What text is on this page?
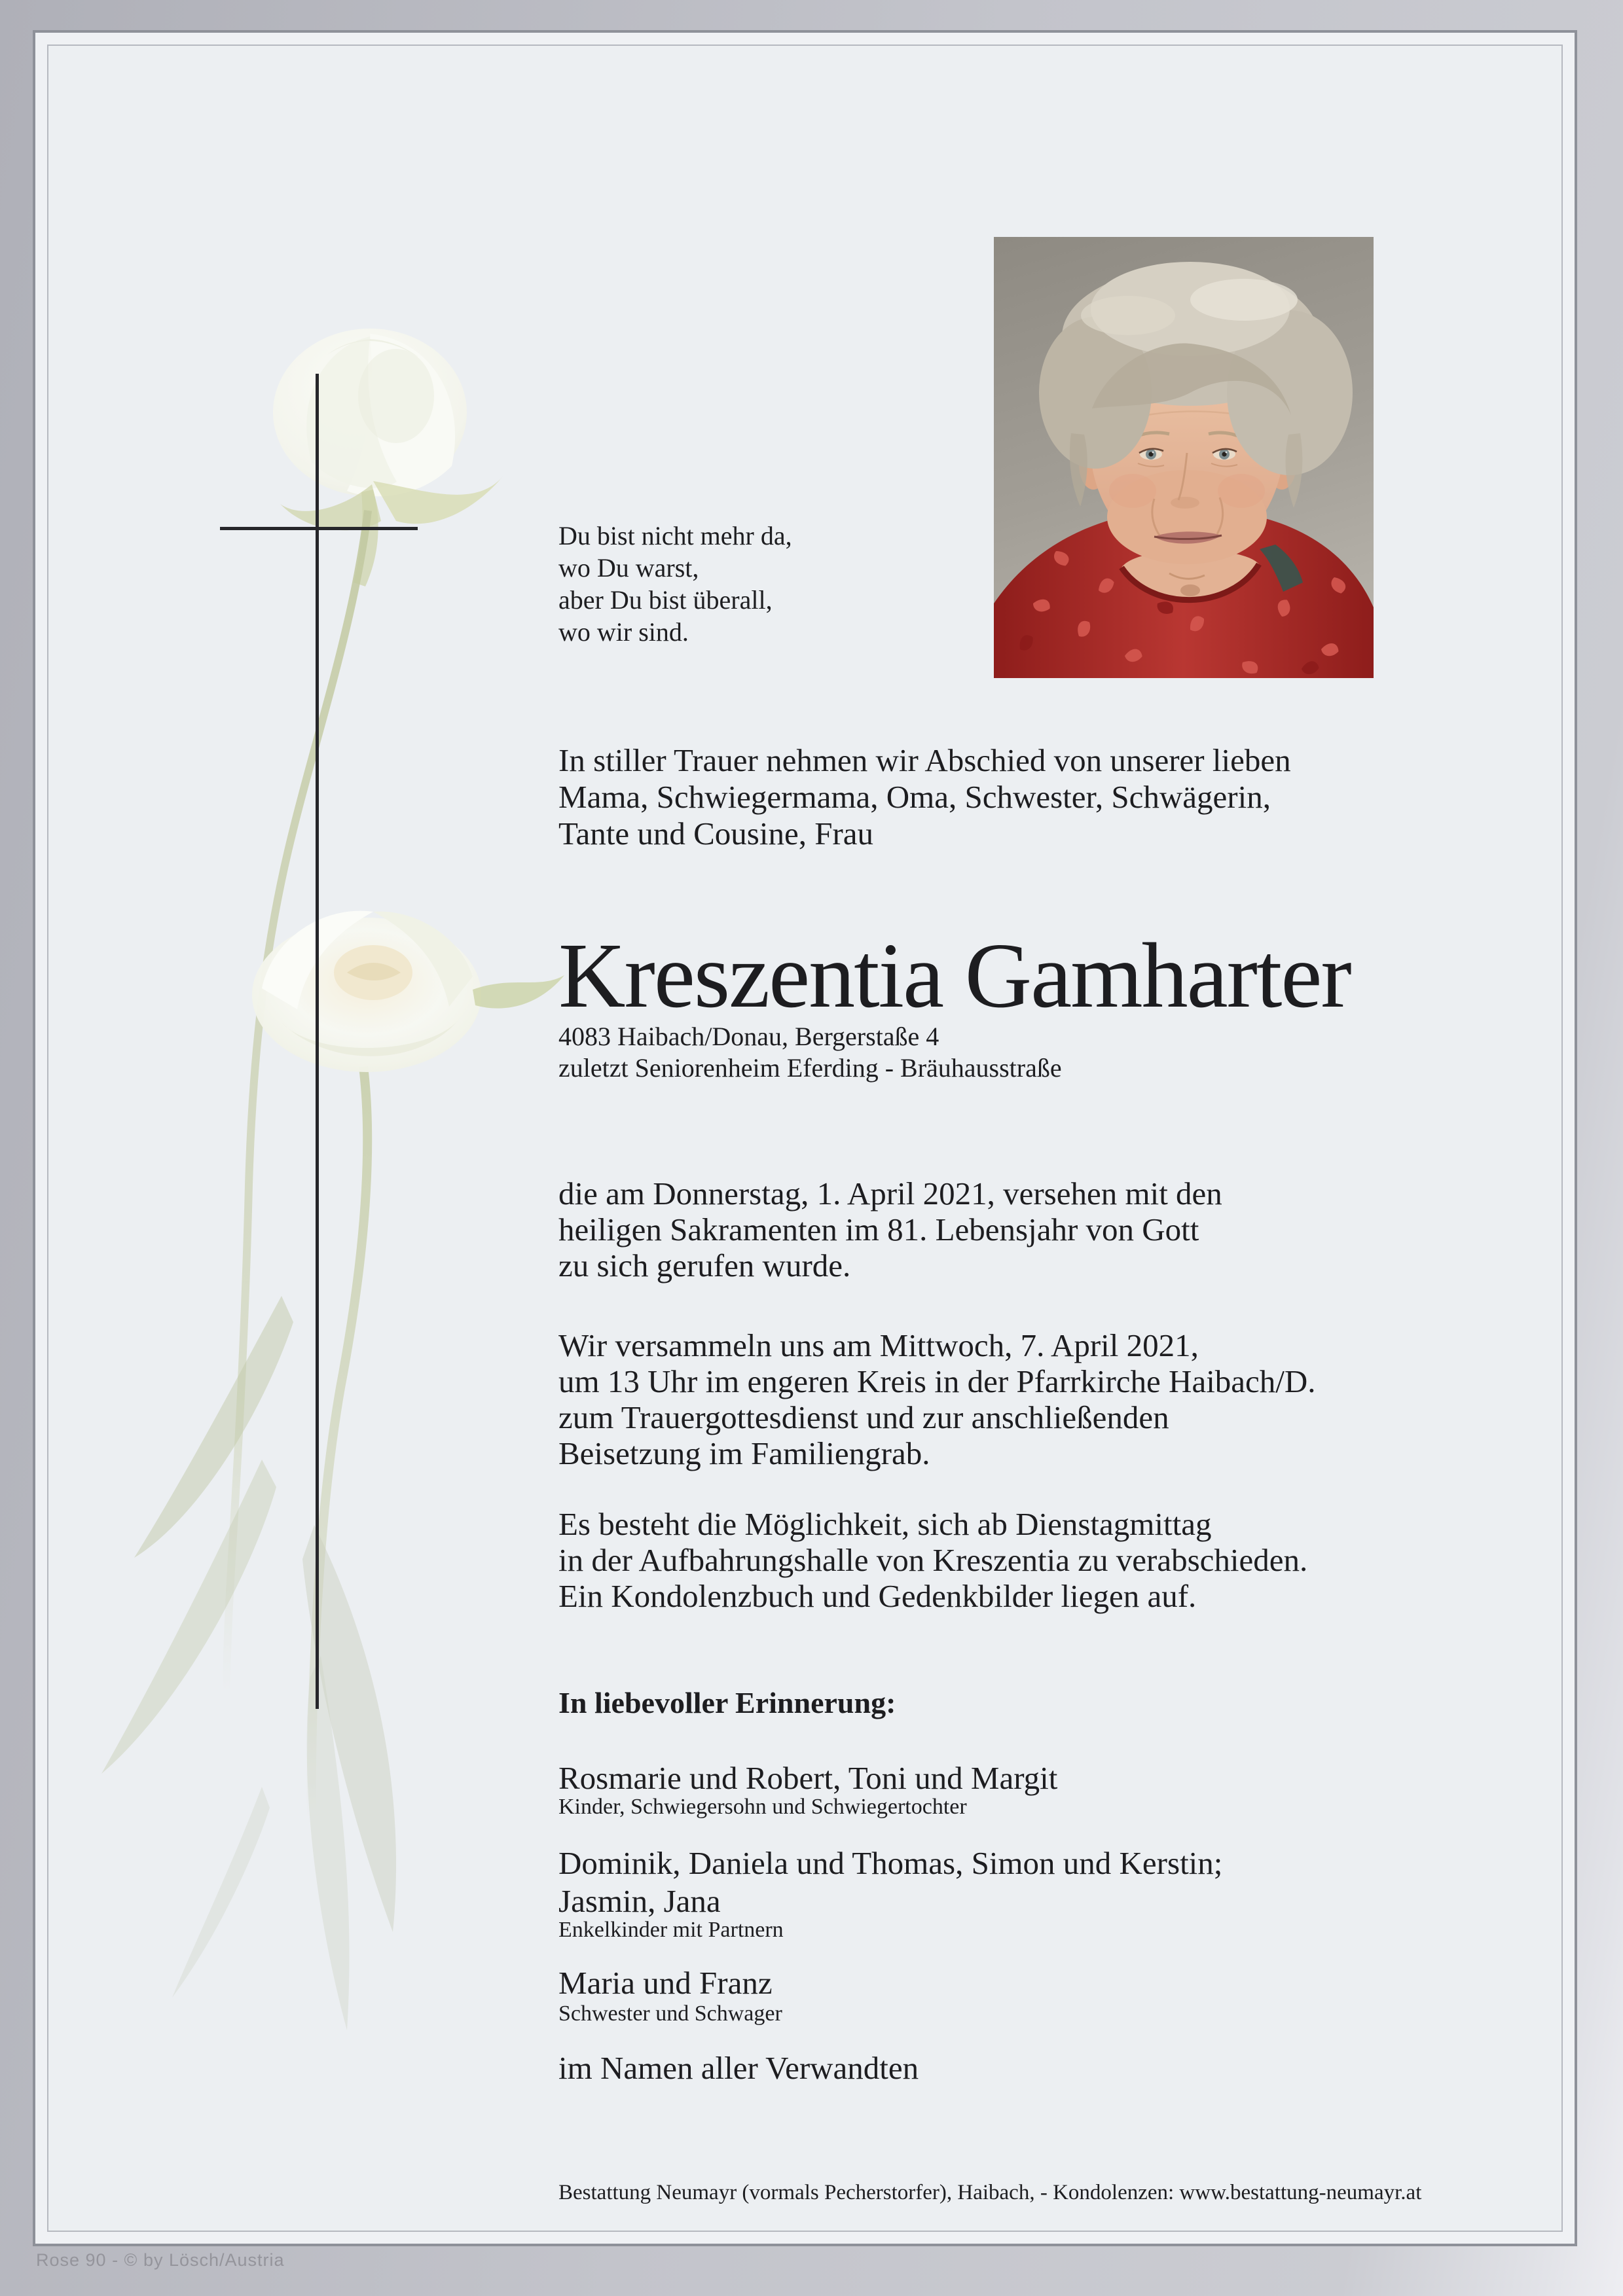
Du bist nicht mehr da,
wo Du warst,
aber Du bist überall,
wo wir sind.
In stiller Trauer nehmen wir Abschied von unserer lieben
Mama, Schwiegermama, Oma, Schwester, Schwägerin,
Tante und Cousine, Frau
Kreszentia Gamharter
4083 Haibach/Donau, Bergerstaße 4
zuletzt Seniorenheim Eferding - Bräuhausstraße
die am Donnerstag, 1. April 2021, versehen mit den
heiligen Sakramenten im 81. Lebensjahr von Gott
zu sich gerufen wurde.
Wir versammeln uns am Mittwoch, 7. April 2021,
um 13 Uhr im engeren Kreis in der Pfarrkirche Haibach/D.
zum Trauergottesdienst und zur anschließenden
Beisetzung im Familiengrab.
Es besteht die Möglichkeit, sich ab Dienstagmittag
in der Aufbahrungshalle von Kreszentia zu verabschieden.
Ein Kondolenzbuch und Gedenkbilder liegen auf.
In liebevoller Erinnerung:
Rosmarie und Robert, Toni und Margit
Kinder, Schwiegersohn und Schwiegertochter
Dominik, Daniela und Thomas, Simon und Kerstin;
Jasmin, Jana
Enkelkinder mit Partnern
Maria und Franz
Schwester und Schwager
im Namen aller Verwandten
Bestattung Neumayr (vormals Pecherstorfer), Haibach, - Kondolenzen: www.bestattung-neumayr.at
Rose 90 - © by Lösch/Austria
